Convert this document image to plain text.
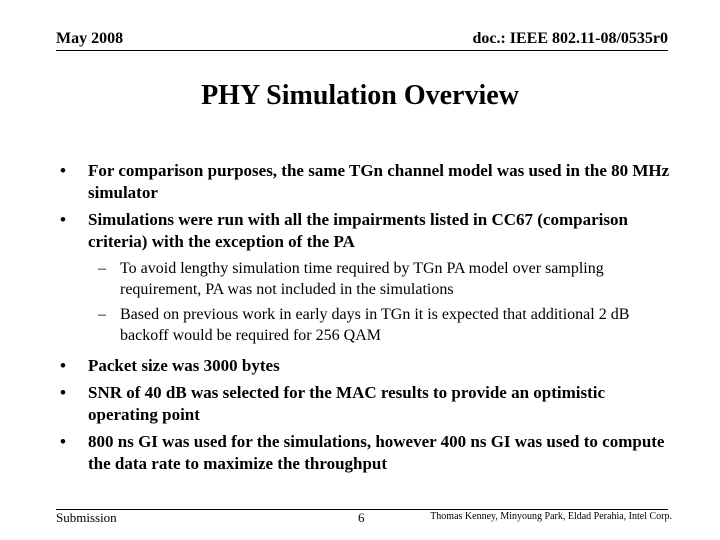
May 2008	doc.: IEEE 802.11-08/0535r0
PHY Simulation Overview
• For comparison purposes, the same TGn channel model was used in the 80 MHz simulator
• Simulations were run with all the impairments listed in CC67 (comparison criteria) with the exception of the PA
– To avoid lengthy simulation time required by TGn PA model over sampling requirement, PA was not included in the simulations
– Based on previous work in early days in TGn it is expected that additional 2 dB backoff would be required for 256 QAM
• Packet size was 3000 bytes
• SNR of 40 dB was selected for the MAC results to provide an optimistic operating point
• 800 ns GI was used for the simulations, however 400 ns GI was used to compute the data rate to maximize the throughput
Submission	6	Thomas Kenney, Minyoung Park, Eldad Perahia, Intel Corp.
